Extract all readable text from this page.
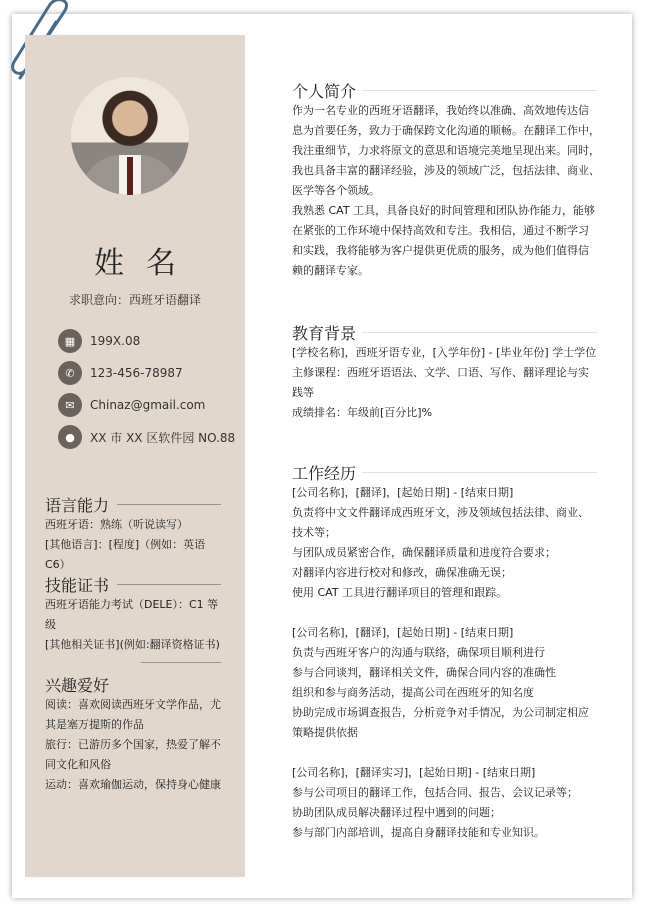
姓名
求职意向：西班牙语翻译
▦	199X.08
✆	123-456-78987
✉	Chinaz@gmail.com
●	XX 市 XX 区软件园 NO.88
语言能力
西班牙语：熟练（听说读写）
[其他语言]：[程度]（例如：英语 C6）
技能证书
西班牙语能力考试（DELE）：C1 等
级
[其他相关证书](例如:翻译资格证书)
兴趣爱好
阅读：喜欢阅读西班牙文学作品，尤
其是塞万提斯的作品
旅行：已游历多个国家，热爱了解不
同文化和风俗
运动：喜欢瑜伽运动，保持身心健康
个人简介
作为一名专业的西班牙语翻译，我始终以准确、高效地传达信
息为首要任务，致力于确保跨文化沟通的顺畅。在翻译工作中，
我注重细节，力求将原文的意思和语境完美地呈现出来。同时，
我也具备丰富的翻译经验，涉及的领域广泛，包括法律、商业、
医学等各个领域。
我熟悉 CAT 工具，具备良好的时间管理和团队协作能力，能够
在紧张的工作环境中保持高效和专注。我相信，通过不断学习
和实践，我将能够为客户提供更优质的服务，成为他们值得信
赖的翻译专家。
教育背景
[学校名称]，西班牙语专业，[入学年份] - [毕业年份] 学士学位
主修课程：西班牙语语法、文学、口语、写作、翻译理论与实
践等
成绩排名：年级前[百分比]%
工作经历
[公司名称]，[翻译]，[起始日期] - [结束日期]
负责将中文文件翻译成西班牙文，涉及领域包括法律、商业、
技术等；
与团队成员紧密合作，确保翻译质量和进度符合要求；
对翻译内容进行校对和修改，确保准确无误；
使用 CAT 工具进行翻译项目的管理和跟踪。
[公司名称]，[翻译]，[起始日期] - [结束日期]
负责与西班牙客户的沟通与联络，确保项目顺利进行
参与合同谈判，翻译相关文件，确保合同内容的准确性
组织和参与商务活动，提高公司在西班牙的知名度
协助完成市场调查报告，分析竞争对手情况，为公司制定相应
策略提供依据
[公司名称]，[翻译实习]，[起始日期] - [结束日期]
参与公司项目的翻译工作，包括合同、报告、会议记录等；
协助团队成员解决翻译过程中遇到的问题；
参与部门内部培训，提高自身翻译技能和专业知识。
